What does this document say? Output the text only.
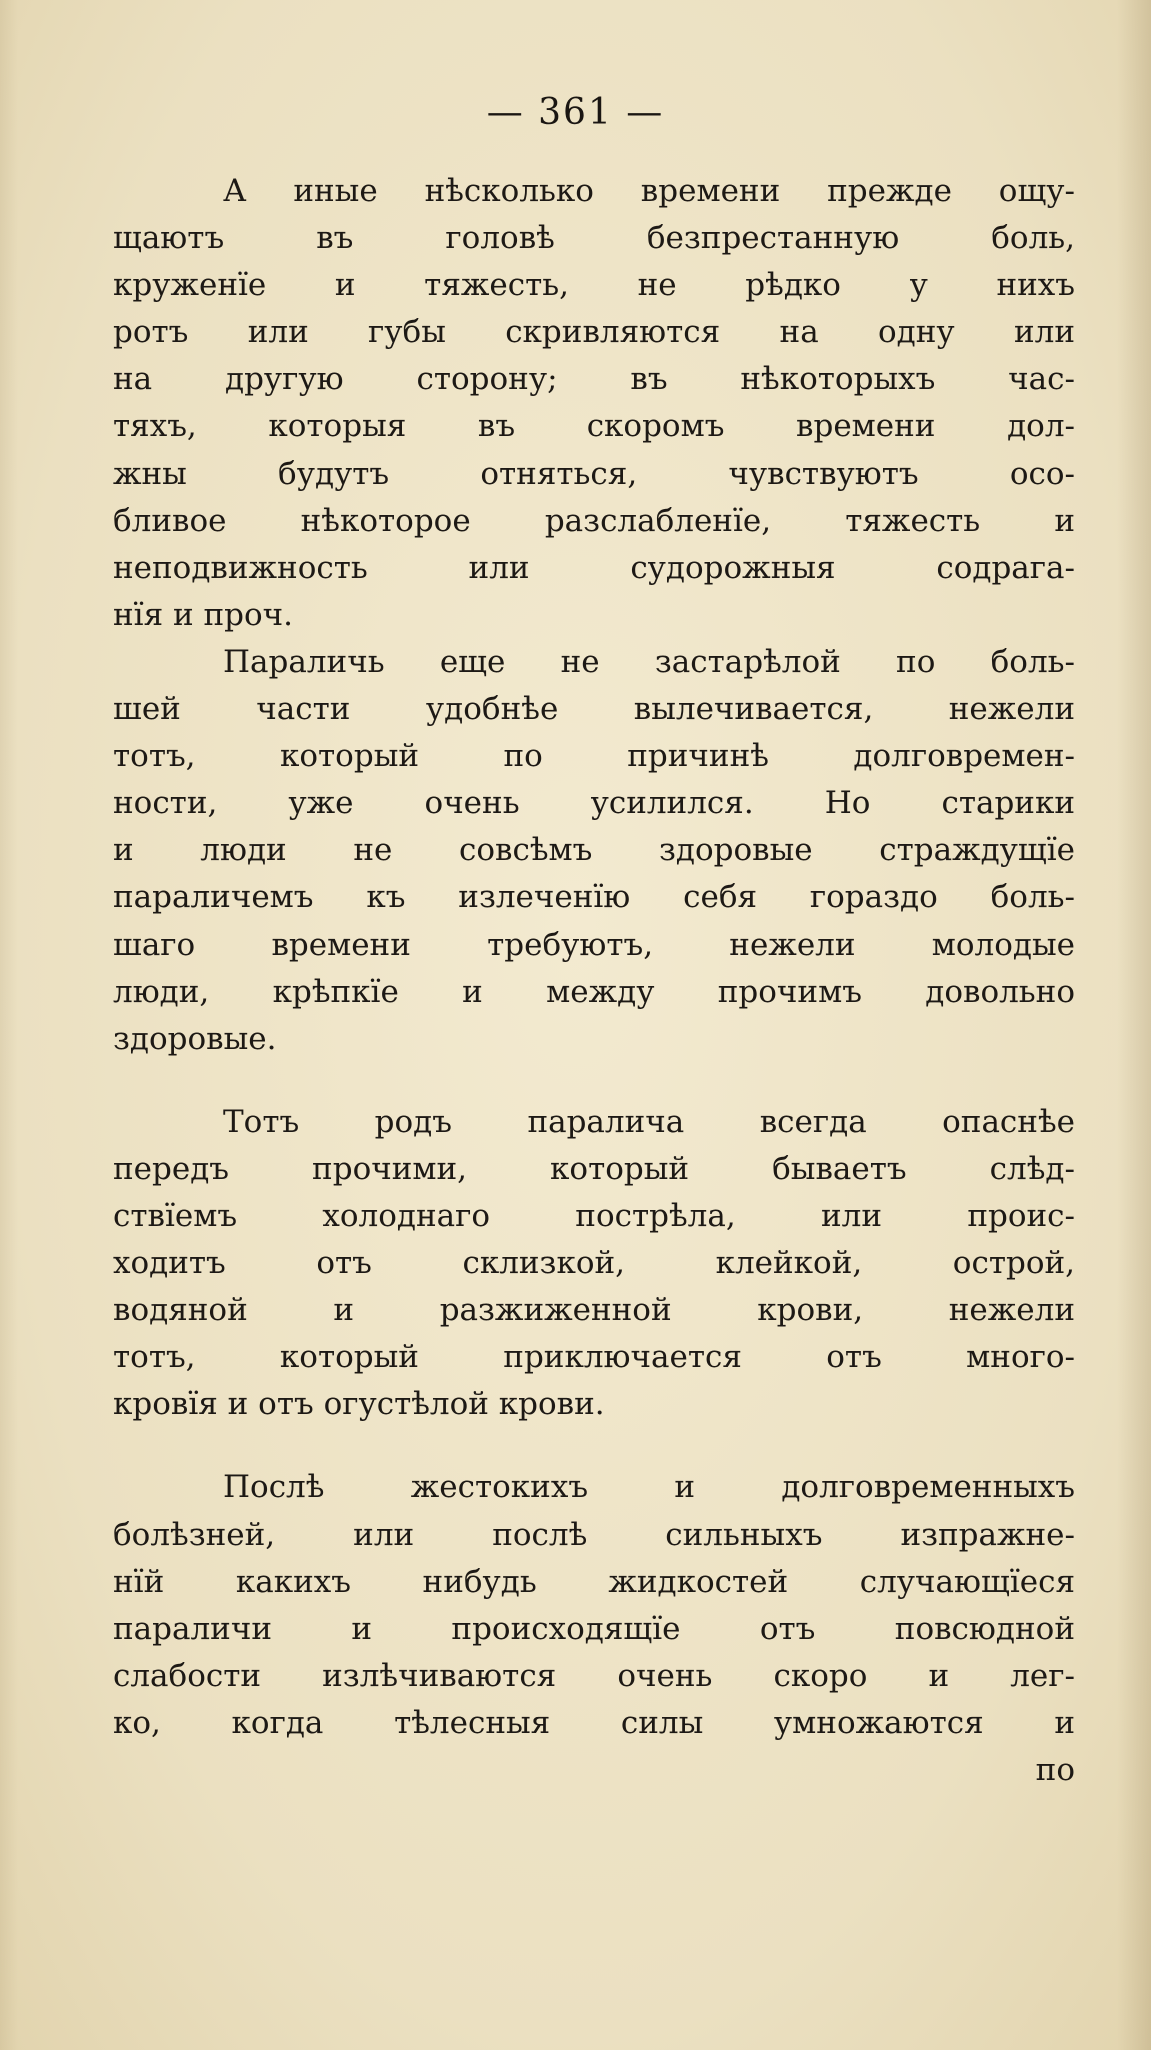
— 361 —
А иные нѣсколько времени прежде ощу-
щаютъ въ головѣ безпрестанную боль,
круженїе и тяжесть, не рѣдко у нихъ
ротъ или губы скривляются на одну или
на другую сторону; въ нѣкоторыхъ час-
тяхъ, которыя въ скоромъ времени дол-
жны будутъ отняться, чувствуютъ осо-
бливое нѣкоторое разслабленїе, тяжесть и
неподвижность или судорожныя содрага-
нїя и проч.
Параличь еще не застарѣлой по боль-
шей части удобнѣе вылечивается, нежели
тотъ, который по причинѣ долговремен-
ности, уже очень усилился. Но старики
и люди не совсѣмъ здоровые страждущїе
параличемъ къ излеченїю себя гораздо боль-
шаго времени требуютъ, нежели молодые
люди, крѣпкїе и между прочимъ довольно
здоровые.
Тотъ родъ паралича всегда опаснѣе
передъ прочими, который бываетъ слѣд-
ствїемъ холоднаго пострѣла, или проис-
ходитъ отъ склизкой, клейкой, острой,
водяной и разжиженной крови, нежели
тотъ, который приключается отъ много-
кровїя и отъ огустѣлой крови.
Послѣ жестокихъ и долговременныхъ
болѣзней, или послѣ сильныхъ изпражне-
нїй какихъ нибудь жидкостей случающїеся
параличи и происходящїе отъ повсюдной
слабости излѣчиваются очень скоро и лег-
ко, когда тѣлесныя силы умножаются и
по
